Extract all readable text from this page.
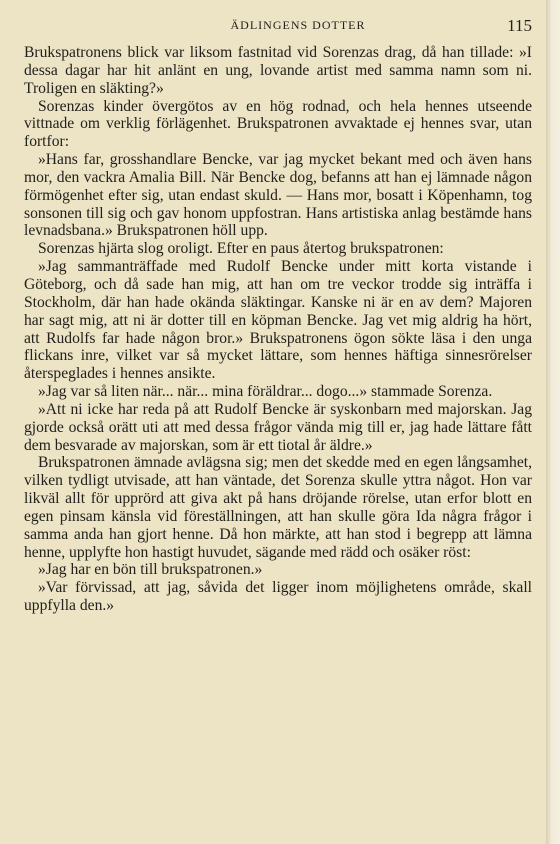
ÄDLINGENS DOTTER	115

Brukspatronens blick var liksom fastnitad vid Sorenzas drag, då han tillade: »I dessa dagar har hit anlänt en ung, lovande artist med samma namn som ni. Troligen en släkting?»

Sorenzas kinder övergötos av en hög rodnad, och hela hennes utseende vittnade om verklig förlägenhet. Brukspatronen avvaktade ej hennes svar, utan fortfor:

»Hans far, grosshandlare Bencke, var jag mycket bekant med och även hans mor, den vackra Amalia Bill. När Bencke dog, befanns att han ej lämnade någon förmögenhet efter sig, utan endast skuld. — Hans mor, bosatt i Köpenhamn, tog sonsonen till sig och gav honom uppfostran. Hans artistiska anlag bestämde hans levnadsbana.» Brukspatronen höll upp.

Sorenzas hjärta slog oroligt. Efter en paus återtog brukspatronen:

»Jag sammanträffade med Rudolf Bencke under mitt korta vistande i Göteborg, och då sade han mig, att han om tre veckor trodde sig inträffa i Stockholm, där han hade okända släktingar. Kanske ni är en av dem? Majoren har sagt mig, att ni är dotter till en köpman Bencke. Jag vet mig aldrig ha hört, att Rudolfs far hade någon bror.» Brukspatronens ögon sökte läsa i den unga flickans inre, vilket var så mycket lättare, som hennes häftiga sinnesrörelser återspeglades i hennes ansikte.

»Jag var så liten när... när... mina föräldrar... dogo...» stammade Sorenza.

»Att ni icke har reda på att Rudolf Bencke är syskonbarn med majorskan. Jag gjorde också orätt uti att med dessa frågor vända mig till er, jag hade lättare fått dem besvarade av majorskan, som är ett tiotal år äldre.»

Brukspatronen ämnade avlägsna sig; men det skedde med en egen långsamhet, vilken tydligt utvisade, att han väntade, det Sorenza skulle yttra något. Hon var likväl allt för upprörd att giva akt på hans dröjande rörelse, utan erfor blott en egen pinsam känsla vid föreställningen, att han skulle göra Ida några frågor i samma anda han gjort henne. Då hon märkte, att han stod i begrepp att lämna henne, upplyfte hon hastigt huvudet, sägande med rädd och osäker röst:

»Jag har en bön till brukspatronen.»

»Var förvissad, att jag, såvida det ligger inom möjlighetens område, skall uppfylla den.»
